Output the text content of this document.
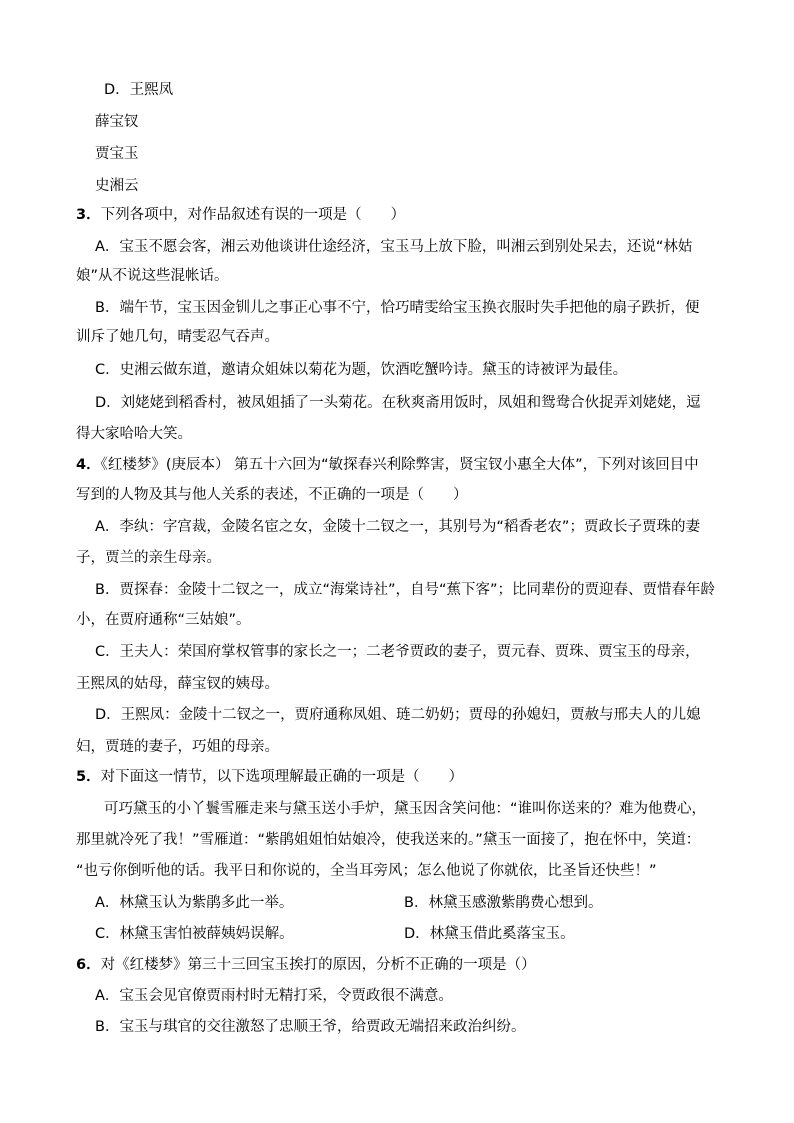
D．王熙凤
薛宝钗
贾宝玉
史湘云
3．下列各项中，对作品叙述有误的一项是（　　）
A．宝玉不愿会客，湘云劝他谈讲仕途经济，宝玉马上放下脸，叫湘云到别处呆去，还说“林姑
娘”从不说这些混帐话。
B．端午节，宝玉因金钏儿之事正心事不宁，恰巧晴雯给宝玉换衣服时失手把他的扇子跌折，便
训斥了她几句，晴雯忍气吞声。
C．史湘云做东道，邀请众姐妹以菊花为题，饮酒吃蟹吟诗。黛玉的诗被评为最佳。
D．刘姥姥到稻香村，被凤姐插了一头菊花。在秋爽斋用饭时，凤姐和鸳鸯合伙捉弄刘姥姥，逗
得大家哈哈大笑。
4．《红楼梦》(庚辰本） 第五十六回为“敏探春兴利除弊害，贤宝钗小惠全大体”，下列对该回目中
写到的人物及其与他人关系的表述，不正确的一项是（　　）
A．李纨：字宫裁，金陵名宦之女，金陵十二钗之一，其别号为“稻香老农”；贾政长子贾珠的妻
子，贾兰的亲生母亲。
B．贾探春：金陵十二钗之一，成立“海棠诗社”，自号“蕉下客”；比同辈份的贾迎春、贾惜春年龄
小，在贾府通称“三姑娘”。
C．王夫人：荣国府掌权管事的家长之一；二老爷贾政的妻子，贾元春、贾珠、贾宝玉的母亲，
王熙凤的姑母，薛宝钗的姨母。
D．王熙凤：金陵十二钗之一，贾府通称凤姐、琏二奶奶；贾母的孙媳妇，贾赦与邢夫人的儿媳
妇，贾琏的妻子，巧姐的母亲。
5．对下面这一情节，以下选项理解最正确的一项是（　　）
可巧黛玉的小丫鬟雪雁走来与黛玉送小手炉，黛玉因含笑问他：“谁叫你送来的？难为他费心，
那里就冷死了我！”雪雁道：“紫鹃姐姐怕姑娘冷，使我送来的。”黛玉一面接了，抱在怀中，笑道：
“也亏你倒听他的话。我平日和你说的，全当耳旁风；怎么他说了你就依，比圣旨还快些！”
A．林黛玉认为紫鹃多此一举。	B．林黛玉感激紫鹃费心想到。
C．林黛玉害怕被薛姨妈误解。	D．林黛玉借此奚落宝玉。
6．对《红楼梦》第三十三回宝玉挨打的原因，分析不正确的一项是（）
A．宝玉会见官僚贾雨村时无精打采，令贾政很不满意。
B．宝玉与琪官的交往激怒了忠顺王爷，给贾政无端招来政治纠纷。
